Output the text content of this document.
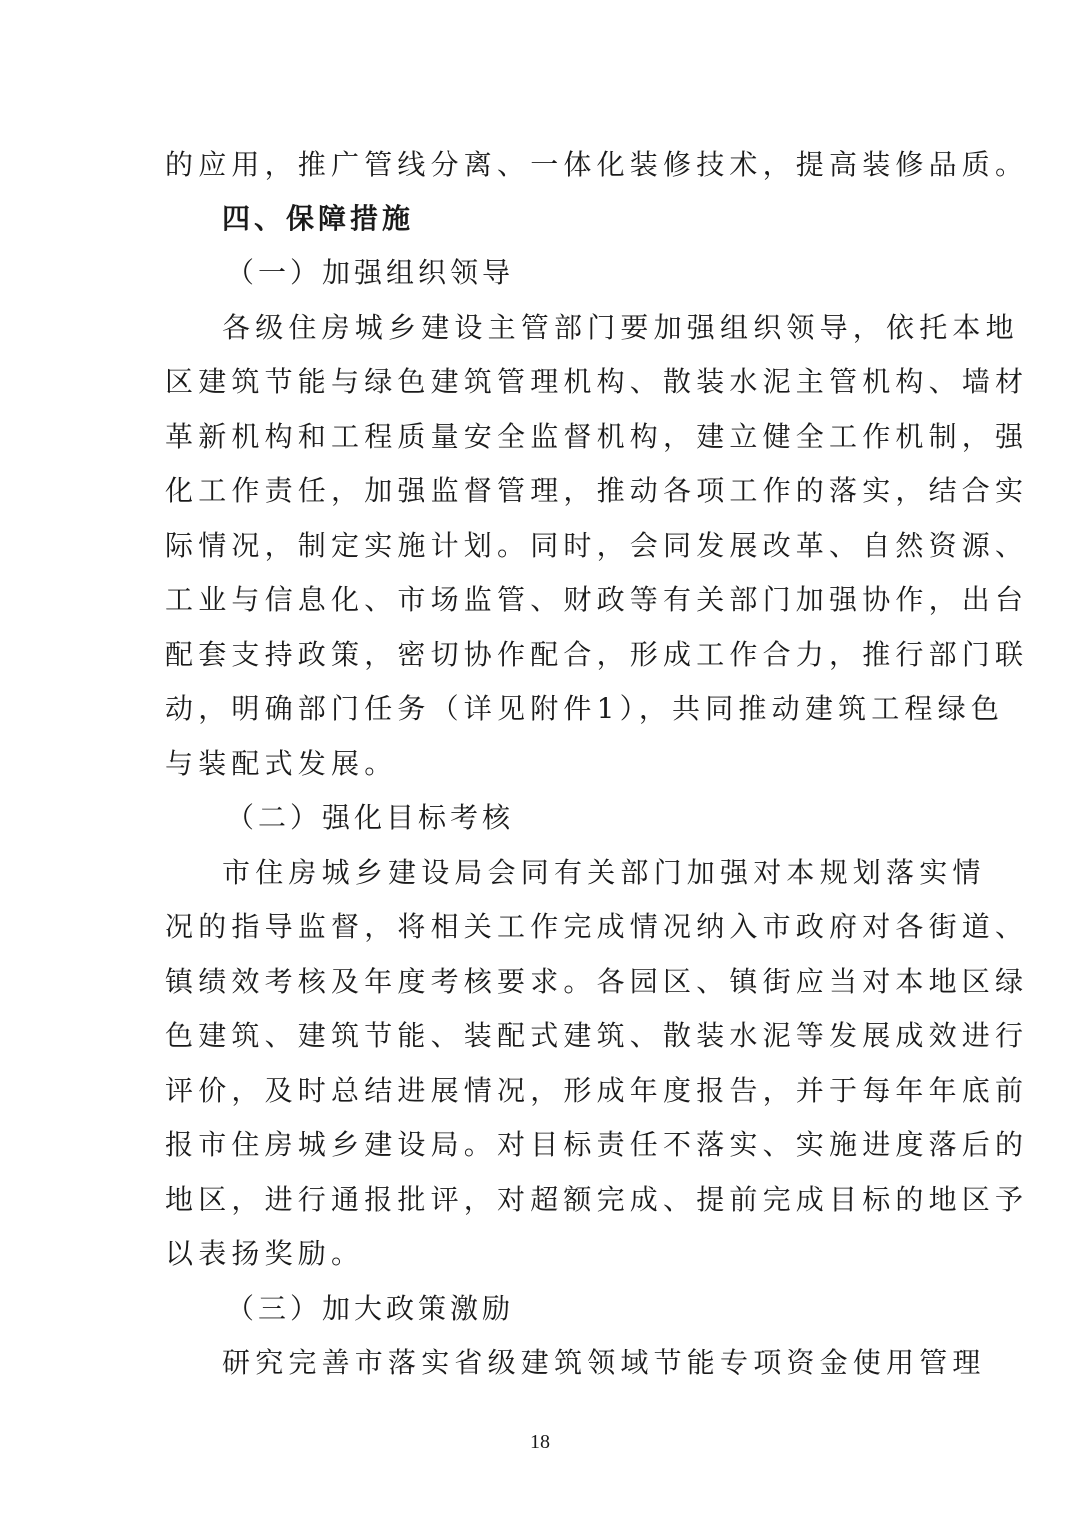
的应用，推广管线分离、一体化装修技术，提高装修品质。
四、保障措施
（一）加强组织领导
各级住房城乡建设主管部门要加强组织领导，依托本地
区建筑节能与绿色建筑管理机构、散装水泥主管机构、墙材
革新机构和工程质量安全监督机构，建立健全工作机制，强
化工作责任，加强监督管理，推动各项工作的落实，结合实
际情况，制定实施计划。同时，会同发展改革、自然资源、
工业与信息化、市场监管、财政等有关部门加强协作，出台
配套支持政策，密切协作配合，形成工作合力，推行部门联
动，明确部门任务（详见附件1），共同推动建筑工程绿色
与装配式发展。
（二）强化目标考核
市住房城乡建设局会同有关部门加强对本规划落实情
况的指导监督，将相关工作完成情况纳入市政府对各街道、
镇绩效考核及年度考核要求。各园区、镇街应当对本地区绿
色建筑、建筑节能、装配式建筑、散装水泥等发展成效进行
评价，及时总结进展情况，形成年度报告，并于每年年底前
报市住房城乡建设局。对目标责任不落实、实施进度落后的
地区，进行通报批评，对超额完成、提前完成目标的地区予
以表扬奖励。
（三）加大政策激励
研究完善市落实省级建筑领域节能专项资金使用管理
18
